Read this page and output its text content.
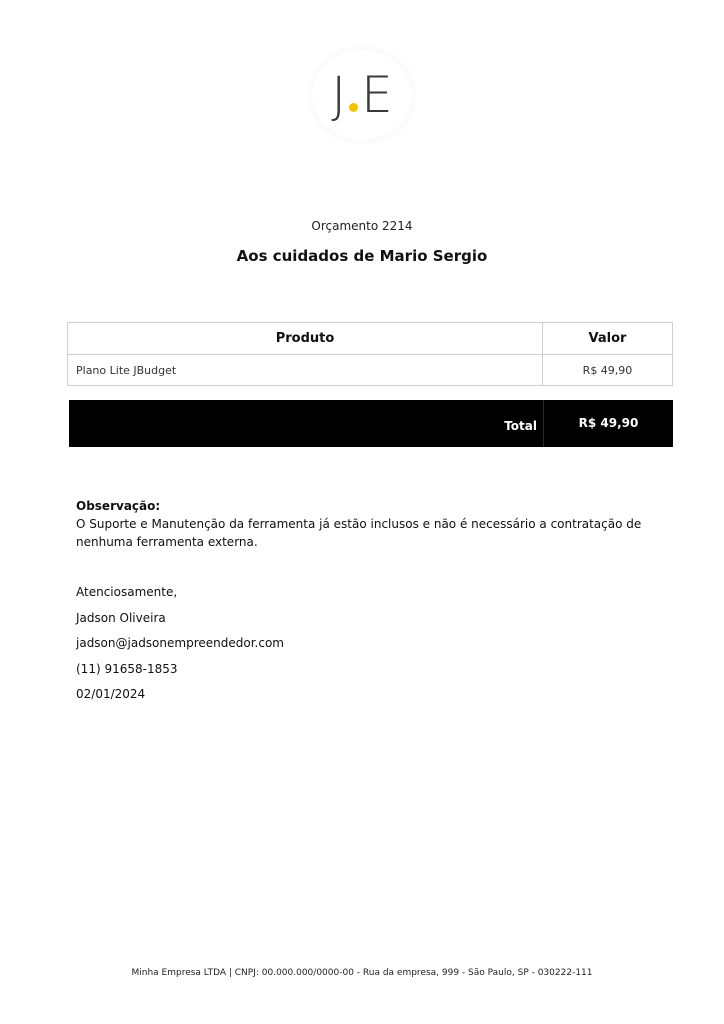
J E
Orçamento 2214
Aos cuidados de Mario Sergio
Produto	Valor
Plano Lite JBudget	R$ 49,90
Total	R$ 49,90
Observação:
O Suporte e Manutenção da ferramenta já estão inclusos e não é necessário a contratação de nenhuma ferramenta externa.
Atenciosamente,
Jadson Oliveira
jadson@jadsonempreendedor.com
(11) 91658-1853
02/01/2024
Minha Empresa LTDA | CNPJ: 00.000.000/0000-00 - Rua da empresa, 999 - São Paulo, SP - 030222-111
